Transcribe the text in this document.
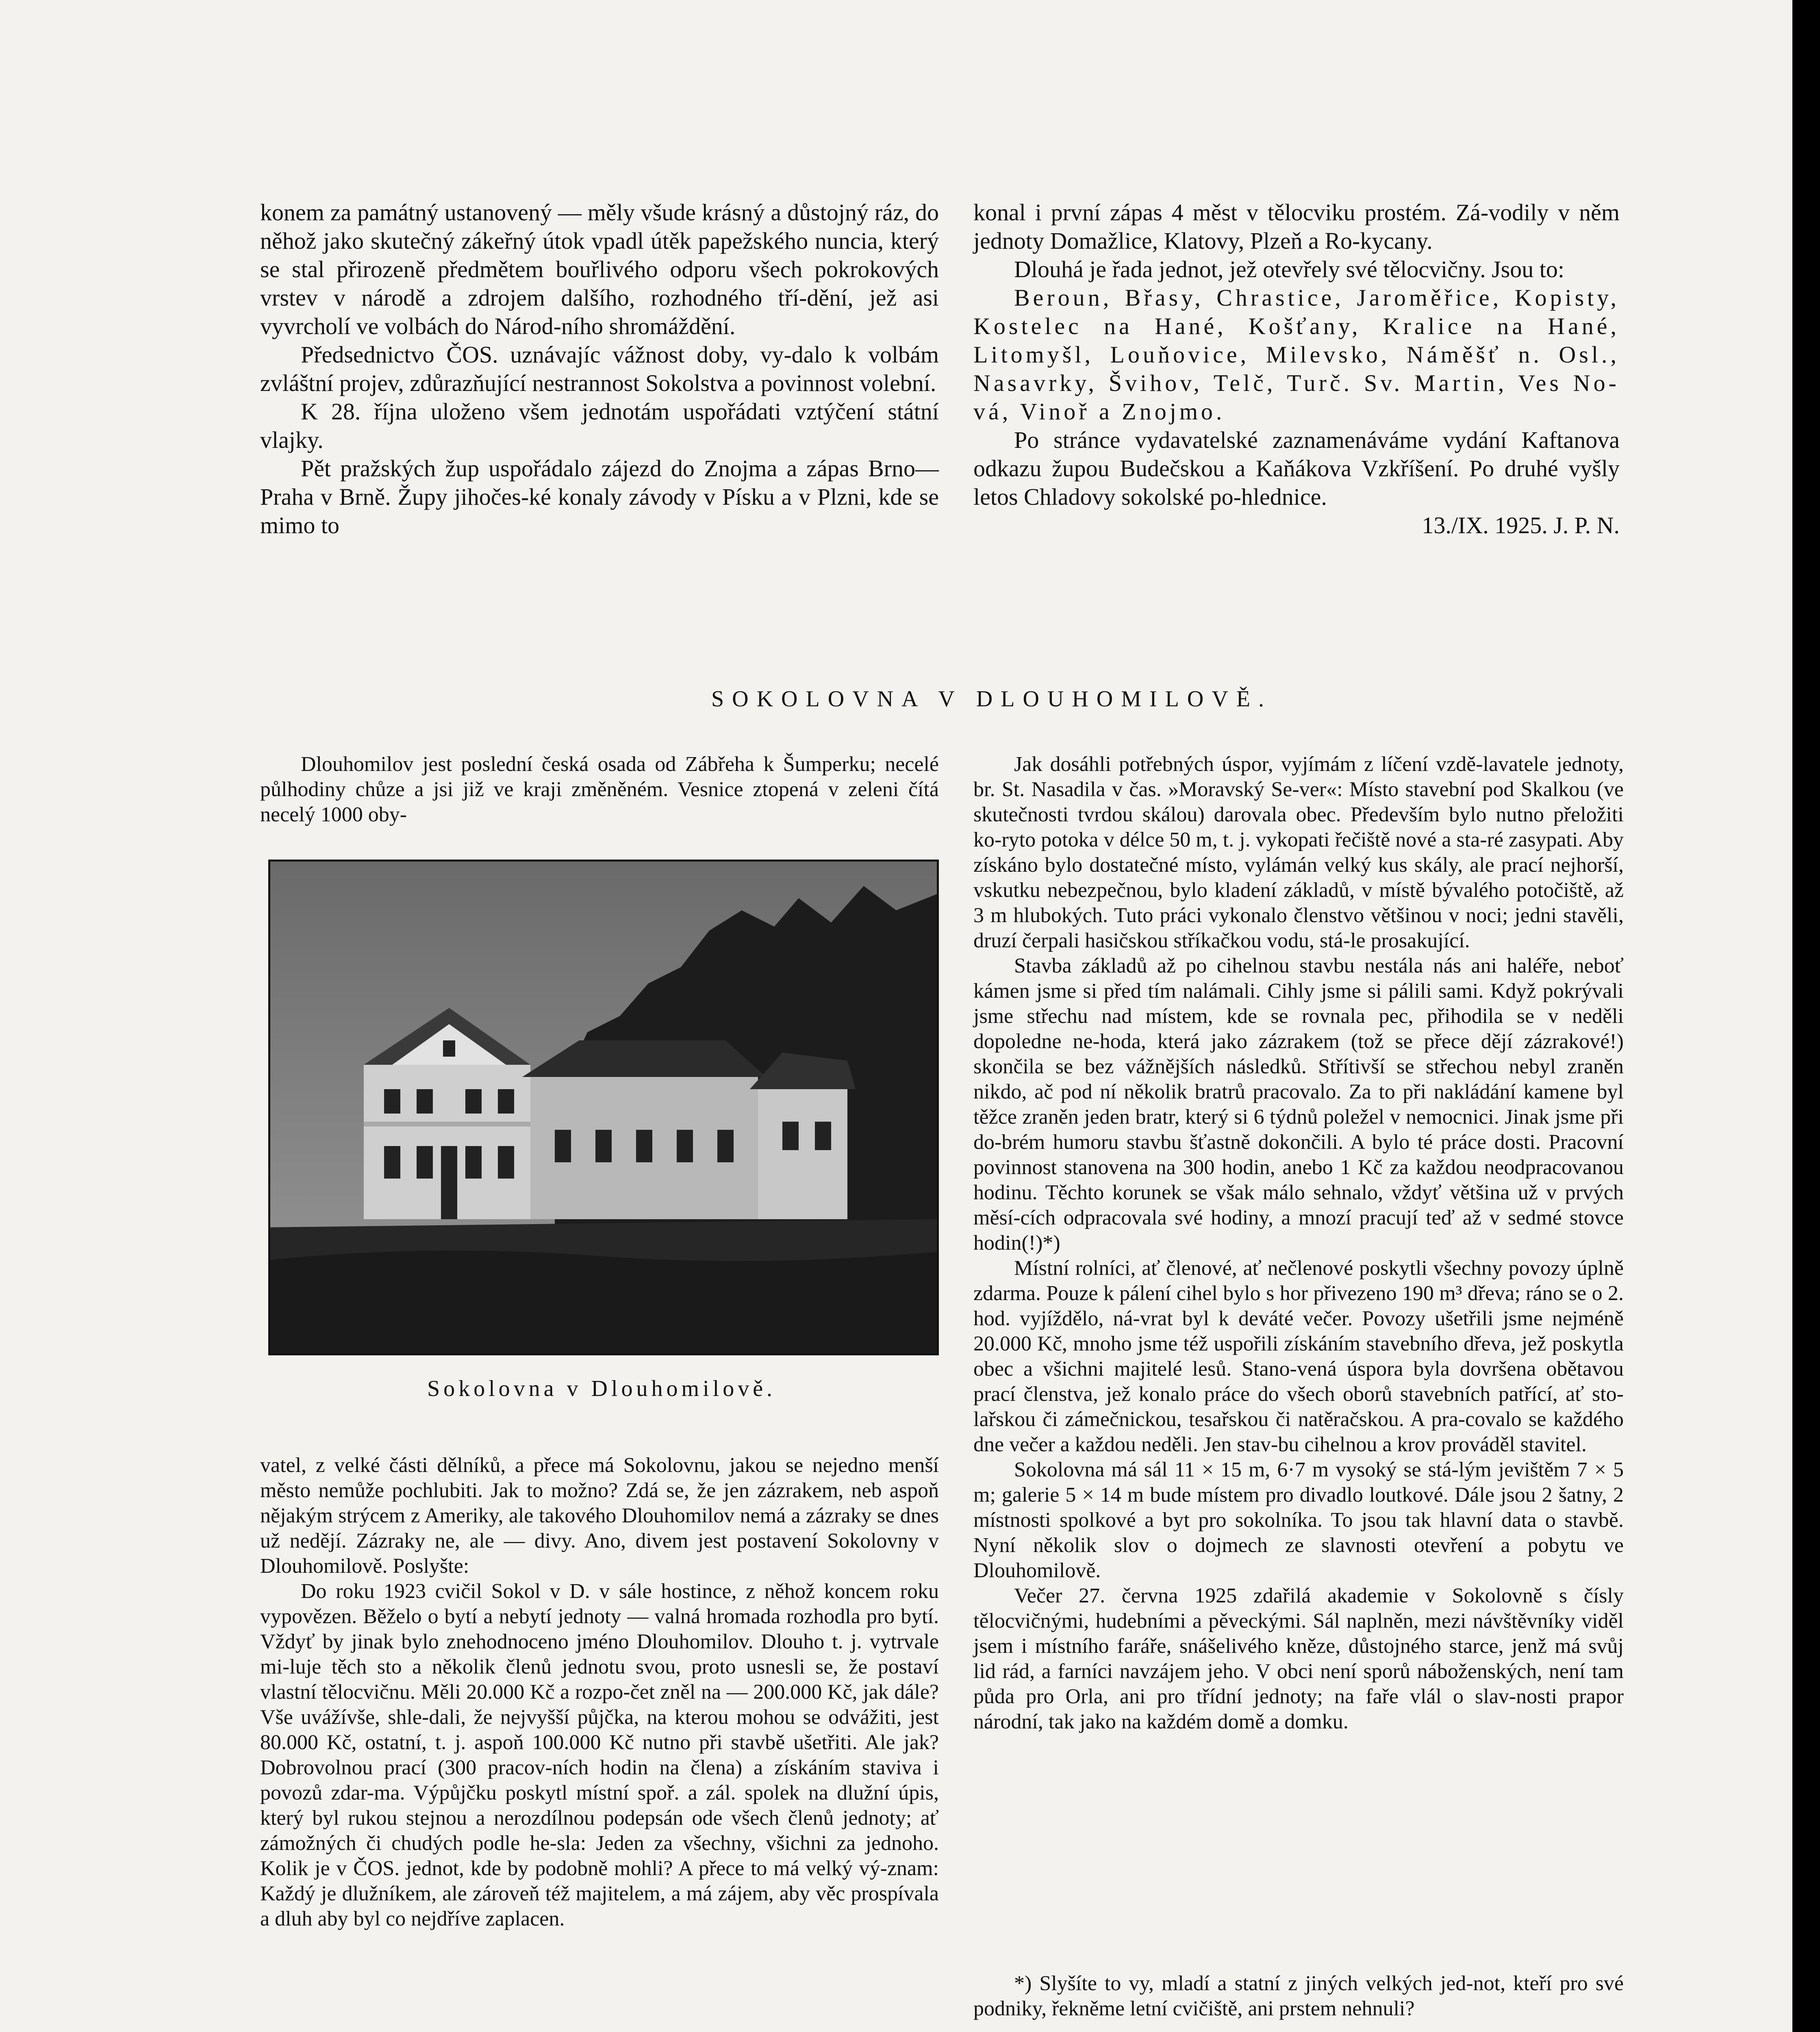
konem za památný ustanovený — měly všude krásný a důstojný ráz, do něhož jako skutečný zákeřný útok vpadl útěk papežského nuncia, který se stal přirozeně předmětem bouřlivého odporu všech pokrokových vrstev v národě a zdrojem dalšího, rozhodného tří-dění, jež asi vyvrcholí ve volbách do Národ-ního shromáždění.

Předsednictvo ČOS. uznávajíc vážnost doby, vy-dalo k volbám zvláštní projev, zdůrazňující nestrannost Sokolstva a povinnost volební.

K 28. října uloženo všem jednotám uspořádati vztýčení státní vlajky.

Pět pražských žup uspořádalo zájezd do Znojma a zápas Brno—Praha v Brně. Župy jihočes-ké konaly závody v Písku a v Plzni, kde se mimo to

konal i první zápas 4 měst v tělocviku prostém. Zá-vodily v něm jednoty Domažlice, Klatovy, Plzeň a Ro-kycany.

Dlouhá je řada jednot, jež otevřely své tělocvičny. Jsou to:

Beroun, Břasy, Chrastice, Jaroměřice, Kopisty, Kostelec na Hané, Košťany, Kralice na Hané, Litomyšl, Louňovice, Milevsko, Náměšť n. Osl., Nasavrky, Švihov, Telč, Turč. Sv. Martin, Ves No-vá, Vinoř a Znojmo.

Po stránce vydavatelské zaznamenáváme vydání Kaftanova odkazu župou Budečskou a Kaňákova Vzkříšení. Po druhé vyšly letos Chladovy sokolské po-hlednice.

13./IX. 1925. J. P. N.

SOKOLOVNA V DLOUHOMILOVĚ.

Dlouhomilov jest poslední česká osada od Zábřeha k Šumperku; necelé půlhodiny chůze a jsi již ve kraji změněném. Vesnice ztopená v zeleni čítá necelý 1000 oby-

Sokolovna v Dlouhomilově.

vatel, z velké části dělníků, a přece má Sokolovnu, jakou se nejedno menší město nemůže pochlubiti. Jak to možno? Zdá se, že jen zázrakem, neb aspoň nějakým strýcem z Ameriky, ale takového Dlouhomilov nemá a zázraky se dnes už nedějí. Zázraky ne, ale — divy. Ano, divem jest postavení Sokolovny v Dlouhomilově. Poslyšte:

Do roku 1923 cvičil Sokol v D. v sále hostince, z něhož koncem roku vypovězen. Běželo o bytí a nebytí jednoty — valná hromada rozhodla pro bytí. Vždyť by jinak bylo znehodnoceno jméno Dlouhomilov. Dlouho t. j. vytrvale mi-luje těch sto a několik členů jednotu svou, proto usnesli se, že postaví vlastní tělocvičnu. Měli 20.000 Kč a rozpo-čet zněl na — 200.000 Kč, jak dále? Vše uvážívše, shle-dali, že nejvyšší půjčka, na kterou mohou se odvážiti, jest 80.000 Kč, ostatní, t. j. aspoň 100.000 Kč nutno při stavbě ušetřiti. Ale jak? Dobrovolnou prací (300 pracov-ních hodin na člena) a získáním staviva i povozů zdar-ma. Výpůjčku poskytl místní spoř. a zál. spolek na dlužní úpis, který byl rukou stejnou a nerozdílnou podepsán ode všech členů jednoty; ať zámožných či chudých podle he-sla: Jeden za všechny, všichni za jednoho. Kolik je v ČOS. jednot, kde by podobně mohli? A přece to má velký vý-znam: Každý je dlužníkem, ale zároveň též majitelem, a má zájem, aby věc prospívala a dluh aby byl co nejdříve zaplacen.

Jak dosáhli potřebných úspor, vyjímám z líčení vzdě-lavatele jednoty, br. St. Nasadila v čas. »Moravský Se-ver«: Místo stavební pod Skalkou (ve skutečnosti tvrdou skálou) darovala obec. Především bylo nutno přeložiti ko-ryto potoka v délce 50 m, t. j. vykopati řečiště nové a sta-ré zasypati. Aby získáno bylo dostatečné místo, vylámán velký kus skály, ale prací nejhorší, vskutku nebezpečnou, bylo kladení základů, v místě bývalého potočiště, až 3 m hlubokých. Tuto práci vykonalo členstvo většinou v noci; jedni stavěli, druzí čerpali hasičskou stříkačkou vodu, stá-le prosakující.

Stavba základů až po cihelnou stavbu nestála nás ani haléře, neboť kámen jsme si před tím nalámali. Cihly jsme si pálili sami. Když pokrývali jsme střechu nad místem, kde se rovnala pec, přihodila se v neděli dopoledne ne-hoda, která jako zázrakem (tož se přece dějí zázrakové!) skončila se bez vážnějších následků. Střítivší se střechou nebyl zraněn nikdo, ač pod ní několik bratrů pracovalo. Za to při nakládání kamene byl těžce zraněn jeden bratr, který si 6 týdnů poležel v nemocnici. Jinak jsme při do-brém humoru stavbu šťastně dokončili. A bylo té práce dosti. Pracovní povinnost stanovena na 300 hodin, anebo 1 Kč za každou neodpracovanou hodinu. Těchto korunek se však málo sehnalo, vždyť většina už v prvých měsí-cích odpracovala své hodiny, a mnozí pracují teď až v sedmé stovce hodin(!)*)

Místní rolníci, ať členové, ať nečlenové poskytli všechny povozy úplně zdarma. Pouze k pálení cihel bylo s hor přivezeno 190 m³ dřeva; ráno se o 2. hod. vyjíždělo, ná-vrat byl k deváté večer. Povozy ušetřili jsme nejméně 20.000 Kč, mnoho jsme též uspořili získáním stavebního dřeva, jež poskytla obec a všichni majitelé lesů. Stano-vená úspora byla dovršena obětavou prací členstva, jež konalo práce do všech oborů stavebních patřící, ať sto-lařskou či zámečnickou, tesařskou či natěračskou. A pra-covalo se každého dne večer a každou neděli. Jen stav-bu cihelnou a krov prováděl stavitel.

Sokolovna má sál 11 × 15 m, 6·7 m vysoký se stá-lým jevištěm 7 × 5 m; galerie 5 × 14 m bude místem pro divadlo loutkové. Dále jsou 2 šatny, 2 místnosti spolkové a byt pro sokolníka. To jsou tak hlavní data o stavbě. Nyní několik slov o dojmech ze slavnosti otevření a pobytu ve Dlouhomilově.

Večer 27. června 1925 zdařilá akademie v Sokolovně s čísly tělocvičnými, hudebními a pěveckými. Sál naplněn, mezi návštěvníky viděl jsem i místního faráře, snášelivého kněze, důstojného starce, jenž má svůj lid rád, a farníci navzájem jeho. V obci není sporů náboženských, není tam půda pro Orla, ani pro třídní jednoty; na faře vlál o slav-nosti prapor národní, tak jako na každém domě a domku.

*) Slyšíte to vy, mladí a statní z jiných velkých jed-not, kteří pro své podniky, řekněme letní cvičiště, ani prstem nehnuli?
